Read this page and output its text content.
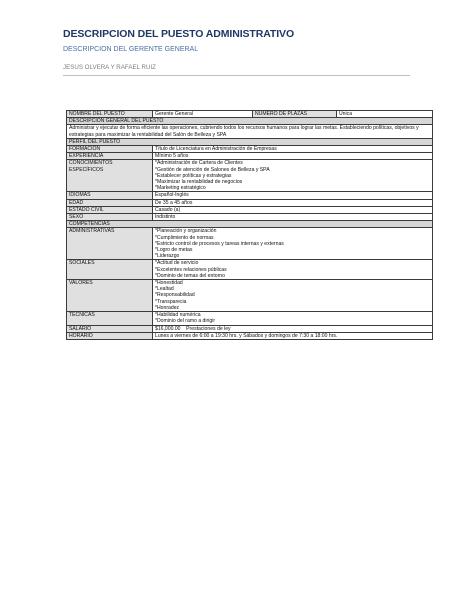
DESCRIPCION DEL PUESTO ADMINISTRATIVO
DESCRIPCION DEL GERENTE GENERAL
JESUS OLVERA Y RAFAEL RUIZ
NOMBRE DEL PUESTO	Gerente General	NUMERO DE PLAZAS	Única
DESCRIPCIÓN GENERAL DEL PUESTO			
Administrar y ejecutar de forma eficiente las operaciones, cubriendo todos los recursos humanos para lograr las metas. Estableciendo políticas, objetivos y estrategias para maximizar la rentabilidad del Salón de Belleza y SPA			
PERFIL DEL PUESTO			
FORMACIÓN	Título de Licenciatura en Administración de Empresas		
EXPERIENCIA	Mínimo 5 años		

CONOCIMIENTOS
ESPECÍFICOS	*Administración de Cartera de Clientes
*Gestión de atención de Salones de Belleza y SPA
*Establecer políticas y estrategias
*Maximizar la rentabilidad de negocios
*Marketing estratégico		

IDIOMAS	Español-Inglés		
EDAD	De 35 a 45 años		
ESTADO CIVIL	Casado (a)		
SEXO	Indistinto		
COMPETENCIAS			
ADMINISTRATIVAS	*Planeación y organización
*Cumplimiento de normas
*Estricto control de procesos y tareas internas y externas
*Logro de metas
*Liderazgo		

SOCIALES	*Actitud de servicio
*Excelentes relaciones públicas
*Dominio de temas del entorno		

VALORES	*Honestidad
*Lealtad
*Responsabilidad
*Transparecia
*Honradez		

TECNICAS	*Habilidad numérica
*Dominio del ramo a dirigir		

SALARIO	$16,000.00    Prestaciones de ley		
HORARIO	Lunes a viernes de 6:00 a 19:30 hrs. y Sábados y domingos de 7:30 a 18:00 hrs.		
